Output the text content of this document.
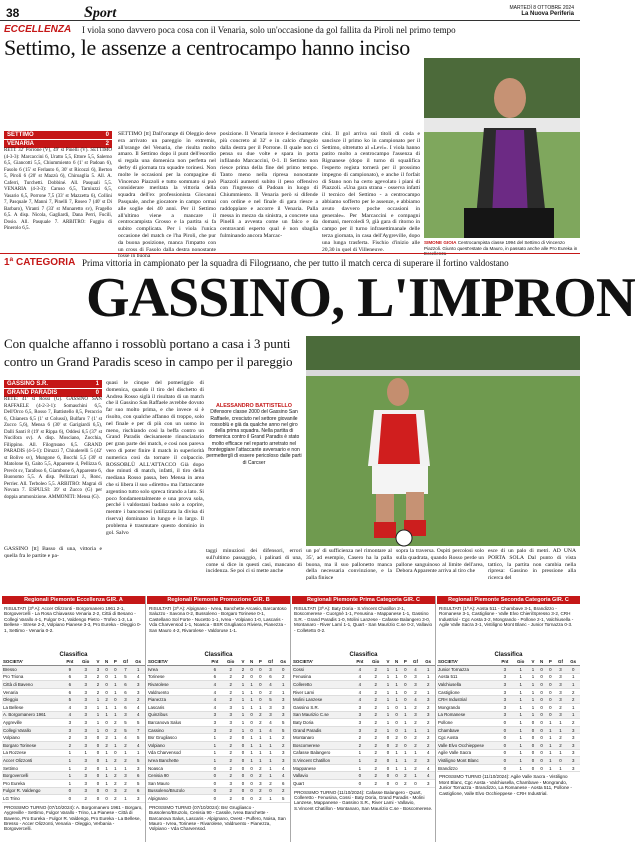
38	Sport	MARTEDÌ 8 OTTOBRE 2024
La Nuova Periferia
ECCELLENZA I viola sono davvero poca cosa con il Venaria, solo un'occasione da gol fallita da Piroli nel primo tempo
Settimo, le assenze a centrocampo hanno inciso
SETTIMO	0
VENARIA	2
RETI: 32' Porrone (V), 49' st Pinelli (V). SETTIMO (4-3-3): Marcaccini 6, Uratto 5,5, Ettore 5,5, Salerno 6,5, Giancotti 5,5, Chiummiento 6 (1' st Padoan 6), Fasolo 6 (15' st Ferlauto 6, 30' st Ricozzi 6), Berton 5, Piroli 6 (20' st Mazzù 6), Chiroaglia 5. All. A. Caferri, Turchetti. Dobbiné. All. Pasquali 5,5. VENARIA (4-3-3): Caruso 6,5, Tarniuzzi 6,5, Vasario 6,5, Porrone 7,5 (33' st Mazzetta 6), Collini 7, Pasquale 7, Manni 7, Pinelli 7, Roseo 7 (40' st Di Barbaro), Viranti 7 (33' st Munaretto sv), Fragello 6,5. A disp. Nicola, Gagliardi, Dana Perri, Fucili, Dosio. All. Pasquale 7. ARBITRO: Fuggiu di Pinerolo 6,5.
SETTIMO [tt] Dall'orange di Oleggio deve era arrivato un pareggio in extremis, all'orange del Venaria, che risulta molto amaro. Il Settimo dopo il punt dell'esordio si regala una domenica non perfetta nel derby di giornata tra squadre torinesi. Non molte le occasioni per la compagine di Vincenzo Piazzoli e tutto sommato si può considerare meritata la vittoria della squadra dell'ex professionista Giovanni Pasquale, anche giocatore in campo ormai alle soglie dei 40 anni. Per il Settimo all'ultimo viene a mancare il centrocampista Grosso e la partita si fa subito complicata. Per i viola l'unica occasione del match ce l'ha Piroli, che pur da buona posizione, manca l'impatto con un cross di Fasolo dalla destra nonostante fosse in buona
posizione. Il Venaria invece è decisamente più concreto al 32' e in calcio d'angolo dalla destra per il Porrone. Il quale non ci pensa su due volte e spara in porta infilando Marcaccini, 0-1. Il Settimo non riesce prima della fine del primo tempo. Tanto meno nella ripresa nonostante Piazzoli aumenti subito il peso offensivo con l'ingresso di Padoan in luogo di Chiummiento. Il Venaria però si difende con ordine e nel finale di gara riesce a raddoppiare e accorre il Venaria. Palla messa in mezzo da sinistra, a concrete una Pinelli a avventa come un falco e da centravanti esperto qual è non sbaglia fulminando ancora Marcac-
cini. Il gol arriva sui titoli di coda e sancisce il primo ko in campionato per il Settimo, oltretutto al «Levi». I viola hanno patito molto a centrocampo l'assenza di Rignanese (dopo il turno di squalifica l'esperto regista tornerà per il prossimo impegno di campionato), e anche il forfait di Stano non ha certo agevolato i piani di Piazzoli. «Una gara strana - osserva infatti il tecnico del Settimo - a centrocampo abbiamo sofferto per le assenze, e abbiamo avuto davvero poche occasioni in generale». Per Marcaccini e compagni domani, mercoledì 9, già gara di ritorno in campo per il turno infrasettimanale delle terza giornata, in casa dell'Aygreville, dopo una lunga trasferta. Fischio d'inizio alle 20,30 in quel di Villeneuve.
SIMONE GIOIA Centrocampista classe 1994 del Settimo di Vincenzo Piazzoli. Giunto quest'estate da Mauro, in passato anche alle Pro Eureka in Eccellenza
1ª CATEGORIA Prima vittoria in campionato per la squadra di Filogrиano, che per tutto il match cerca di superare il fortino valdostano
GASSINO, L'IMPRON
Con qualche affanno i rossoblù portano a casa i 3 punti
contro un Grand Paradis sceso in campo per il pareggio
GASSINO S.R.	1
GRAND PARADIS	0
RETE: 41' st Rossi (G). GASSINO SAN RAFFAELE (4-2-3-1): Somaschini 6,5, Dell'Orco 6,5, Rosso 7, Battistello 8,5, Peraccio 6, Chianera 6,5 (1' st Colussi), Bulfaro 7 (1' st Zucco 5,6), Mensa 6 (30' st Garigiardi 6,5), Dalli Santi 8 (19' st Rippa 6), Oddesi 6,5 (37' st Nucifora sv). A disp. Mosciano, Zocchia, Filippino. All. Filogrиano 6,5. GRAND PARADIS (4-5-1): Diruzzi 7, Chiuderelli 5 (42' st Bolivo sv), Mungone 6, Bocchi 5,5 (30' st Matolone 6), Gaito 5,5, Apparente 4, Pellizza 6, Prevòt sv, Tarafoso 6, Giambone 6, Apparente 6, Buonomo 5,5. A disp. Pellizzari J., Ronc, Perrier. All. Terboleo 5,5. ARBITRO: Magrai di Novara 7. ESPULSI: 39' st Zucco (G) per doppia ammonizione. AMMONITI: Mensa (G).
GASSINO [tt] Basso di una, vittoria e quella fra le partite e pa-
quasi le cinque del pomeriggio di domenica, quando il tiro del dischetto di Andrea Rosso siglà il risultato di un match che il Gassino San Raffaele avrebbe dovuto far suo molto prima, e che invece si è risolto, con qualche affanno di troppo, solo nel finale e per di più con un uomo in meno, rischiando così la beffa contro un Grand Paradis decisamente rinunciatario per gran parte dei match, e così non pareva vero di poter finire il match in superiorità numerica così da tornare il colpaccio. ROSSOBLÙ ALL'ATTACCO Già dopo due minuti di match, infatti, il tiro della mediana Rosso passa, ben Mensa in area che si libera il suo «diretto» ma l'attaccante argentino tutto solo spreca tirando a lato. Si poco fondamentalmente e una prova sola, perché i valdostani badano solo a coprire, mentre i banconcesi (utilizzata la divisa di riserva) dominano in lungo e in largo. Il problema è trasmutare questo dominio in gol. Salvo
taggi minuziosi dei difensori, errori sull'ultimo passaggio, i palinati di una, come si dice in questi casi, mancano di incidenza. Se poi ci si mette anche
un po' di sufficienza nel rimontare al 35', ad esempio, Casero ha la palla buona, ma il suo pallonetto manca della necessaria convinzione, e la palla finisce
sopra la traversa. Ospiti percolosi solo sulla quadrata, quando Rosso perde un pallone sanguinoso al limite dell'area, Debora Apparente arriva al tiro che
esce di un palo di metri. AD UNA PORTA SOLA Dal punto di vista tattico, la partita non cambia nella ripresa: Gassino in pressione alla ricerca del
ALESSANDRO BATTISTELLO
Difensore classe 2000 del Gassino San Raffaele, cresciuto nel settore giovanile rossoblù e già da qualche anno nel giro della prima squadra. Nella partita di domenica contro il Grand Paradis è stato molto efficace nel reparto arretrato nel fronteggiare l'attaccante avversario e non permettergli di essere pericoloso dalle parti di Carcser
Regionali Piemonte Eccellenza GIR. A
RISULTATI (3ª A): Accer Olizzonti - Borgomanero 1961 2-1, Borgovercelli - La Rosa Chiavasso Venaria 2-2, Cittá di Besano - Collegi Varallo 4-1, Fulgor 0-1, Valdengo Pietro - Trofeo 1-3, La Bellese - Strese 2-2, Volpiano Pianese 3-3, Pro Eureka - Oleggio 0-1, Settimo - Venaria 0-2.
Classifica
SOCIETA'	Pnt	Gio	V	N	P	Gf	Gs
Bresso	9	3	3	0	0	7	1
Pro Triona	6	3	2	0	1	5	4
Città di Baveno	6	3	2	0	1	6	3
Venaria	6	3	2	0	1	6	3
Oleggio	5	3	1	2	0	3	2
La Bellese	4	3	1	1	1	6	4
A. Borgomanero 1961	4	3	1	1	1	3	4
Aygreville	3	3	1	0	2	5	5
Collegi Varallo	3	3	1	0	2	5	7
Volpiano	2	3	0	2	1	4	5
Borgaro Torinese	2	3	0	2	1	2	4
La Rozzese	1	1	0	1	0	1	1
Accer Olizzonti	1	3	0	1	2	2	5
Settimo	1	2	0	1	1	1	3
Borgovercelli	1	3	0	1	2	3	6
Pro Eureka	1	3	0	1	2	2	5
Fulgor R. Valdengo	0	3	0	0	3	2	6
LG Trino	0	2	0	0	2	1	3
PROSSIMO TURNO (07/10/2024): A. Borgomanero 1961 - Borgaro, Aygreville - Settimo, Fulgor Varallo - Trino, La Pianese - Città di Baveno, Pro Eureka - Fulgor R. Valdengo, Pro Eureka - La Bellese, Bresso - Accer Olizzonti, Venaria - Oleggio, Verbania - Borgovercelli.
Regionali Piemonte Promozione GIR. B
RISULTATI (3ª A): Alpignano - Ivrea, Banchette Arcasio, Barcantoso Saluzzo - Savona 0-2, Bussoleno - Borgaro Torinese 0-1, Castellano Sol Forte - Nucetto 1-1, Ivrea - Volpiano 1-0, Lascaris - Vda Charvensod 1-1, Noasca - BSR Grugliasco Riviera, Pianezza - San Mauro 4-2, Rivarolese - Valdoruse 1-1.
Classifica
SOCIETA'	Pnt	Gio	V	N	P	Gf	Gs
Ivrea	6	2	2	0	0	3	0
Torinese	6	2	2	0	0	6	2
Rivarolese	4	2	1	1	0	4	1
Valdruento	4	2	1	1	0	2	1
Pianezza	4	2	1	1	0	5	3
Lascaris	4	3	1	1	1	3	3
Quinzibus	3	3	1	0	2	3	3
Barcanova Salus	3	3	1	0	2	4	5
Cassino	3	2	1	0	1	4	5
Bsr Grugliasco	1	2	0	1	1	1	2
Volpiano	1	2	0	1	1	1	2
Vda Charvensod	1	2	0	1	1	1	3
Ivrea Banchette	1	2	0	1	1	1	3
Noasca	0	2	0	0	2	1	4
Cenisia 90	0	2	0	0	2	1	4
San Mauro	0	3	0	0	3	2	6
Bussoleno/Bruzolo	0	2	0	0	2	0	2
Alpignano	0	2	0	0	2	1	5
PROSSIMO TURNO (07/10/2024): Bsr Grugliasco - Bussoleno/Bruzolo, Cenisia 90 - Cassile, Ivrea Banchette - Barcanova Salus, Lascaris - Alpignano, Ovest - Pulfero, Noisa, San Mauro - Ivrea, Torinese - Rivarolese, Valdruento - Pianezza, Volpiano - Vda Charvensod.
Regionali Piemonte Prima Categoria GIR. C
RISULTATI (3ª A): Baty Doria - S.Vincent Chatillon 2-1, Boscomerese - Cuorgnè 1-1, Fenusina - Mappanese 1-1, Gassino S.R. - Grand Paradis 1-0, Molini Lanzese - Cafasse Balangero 3-0, Montanaro - River Lamì 1-1, Quart - San Maurizio C.se 0-2, Vallavio - Colletetto 0-2.
Classifica
SOCIETA'	Pnt	Gio	V	N	P	Gf	Gs
Cossi	4	2	1	1	0	4	1
Fenusina	4	2	1	1	0	3	1
Colleretto	4	2	1	1	0	3	2
River Lami	4	2	1	1	0	2	1
Molini Lanzese	4	2	1	1	0	4	3
Gassino S.R.	3	2	1	0	1	2	2
San Maurizio C.se	3	2	1	0	1	3	3
Baty Doria	3	2	1	0	1	2	2
Grand Paradis	3	2	1	0	1	1	1
Montanaro	2	2	0	2	0	2	2
Boscomerese	2	2	0	2	0	2	2
Cafasse Balangero	1	2	0	1	1	1	4
S.Vincent Chatillon	1	2	0	1	1	2	3
Mappanese	1	2	0	1	1	2	4
Vallavio	0	2	0	0	2	1	4
Quart	0	2	0	0	2	0	3
PROSSIMO TURNO (11/10/2024): Cafasse Balangero - Quart, Colleretto - Fenusina, Cossi - Baty Doria, Grand Paradis - Molini Lanzese, Mappanese - Gassino S.R., River Lami - Vallavio, S.Vincent Chatillon - Montanaro, San Maurizio C.se - Boscomerese.
Regionali Piemonte Seconda Categoria GIR. C
RISULTATI (1ª A): Aosta 511 - Chambave 3-1, Brandizzo - Romanese 3-1, Castiglione - Valle Elvo Chieri/Spresso 3-2, CRH Industrial - Cgc Aosta 3-2, Mongrando - Pollone 2-1, Valchiusella - Agile Valle Sacra 3-1, Vistiligno Mont Blanc - Junior Tornazza 0-3.
Classifica
SOCIETA'	Pnt	Gio	V	N	P	Gf	Gs
Junior Tornazza	3	1	1	0	0	3	0
Aosta 511	3	1	1	0	0	3	1
Valchiusella	3	1	1	0	0	3	1
Castiglione	3	1	1	0	0	3	2
CRH Industrial	3	1	1	0	0	3	2
Mongrando	3	1	1	0	0	2	1
La Romanese	3	1	1	0	0	3	1
Pollone	0	1	0	0	1	1	2
Chambave	0	1	0	0	1	1	3
Cgc Aosta	0	1	0	0	1	2	3
Valle Elvo Occhieppese	0	1	0	0	1	2	3
Agile Valle Sacra	0	1	0	0	1	1	3
Vistiligno Mont Blanc	0	1	0	0	1	0	3
Brandizzo	0	1	0	0	1	1	3
PROSSIMO TURNO (11/10/2024): Agile Valle Sacra - Vistiligno Mont Blanc, Cgc Aosta - Valchiusella, Chambave - Mongrando, Junior Tornazza - Brandizzo, La Romanese - Aosta 511, Pollone - Castiglione, Valle Elvo Occhieppese - CRH Industrial.
